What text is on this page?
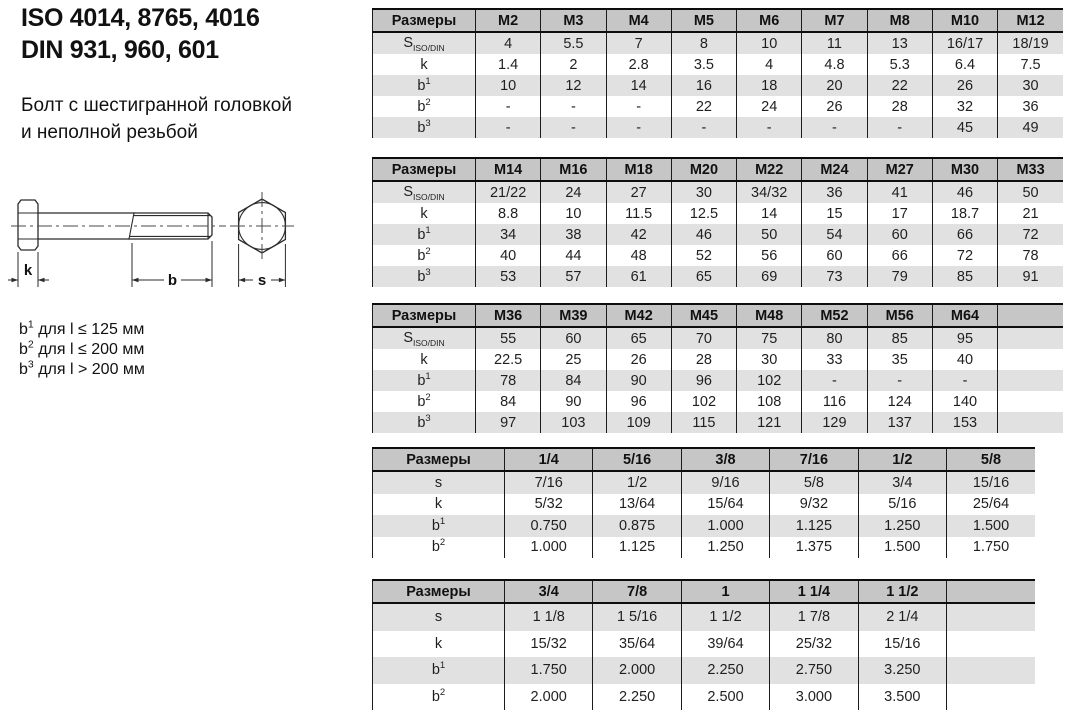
ISO 4014, 8765, 4016
DIN 931, 960, 601
Болт с шестигранной головкой
и неполной резьбой
k
b	s
$b^1$ для l ≤ 125 мм
$b^2$ для l ≤ 200 мм
$b^3$ для l > 200 мм
Размеры	M2	M3	M4	M5	M6	M7	M8	M10	M12
$S_{ISO/DIN}$	4	5.5	7	8	10	11	13	16/17	18/19
k	1.4	2	2.8	3.5	4	4.8	5.3	6.4	7.5
$b^1$	10	12	14	16	18	20	22	26	30
$b^2$	-	-	-	22	24	26	28	32	36
$b^3$	-	-	-	-	-	-	-	45	49
Размеры	M14	M16	M18	M20	M22	M24	M27	M30	M33
$S_{ISO/DIN}$	21/22	24	27	30	34/32	36	41	46	50
k	8.8	10	11.5	12.5	14	15	17	18.7	21
$b^1$	34	38	42	46	50	54	60	66	72
$b^2$	40	44	48	52	56	60	66	72	78
$b^3$	53	57	61	65	69	73	79	85	91
Размеры	M36	M39	M42	M45	M48	M52	M56	M64	
$S_{ISO/DIN}$	55	60	65	70	75	80	85	95	
k	22.5	25	26	28	30	33	35	40	
$b^1$	78	84	90	96	102	-	-	-	
$b^2$	84	90	96	102	108	116	124	140	
$b^3$	97	103	109	115	121	129	137	153	
Размеры	1/4	5/16	3/8	7/16	1/2	5/8
s	7/16	1/2	9/16	5/8	3/4	15/16
k	5/32	13/64	15/64	9/32	5/16	25/64
$b^1$	0.750	0.875	1.000	1.125	1.250	1.500
$b^2$	1.000	1.125	1.250	1.375	1.500	1.750
Размеры	3/4	7/8	1	1 1/4	1 1/2	
s	1 1/8	1 5/16	1 1/2	1 7/8	2 1/4	
k	15/32	35/64	39/64	25/32	15/16	
$b^1$	1.750	2.000	2.250	2.750	3.250	
$b^2$	2.000	2.250	2.500	3.000	3.500	
